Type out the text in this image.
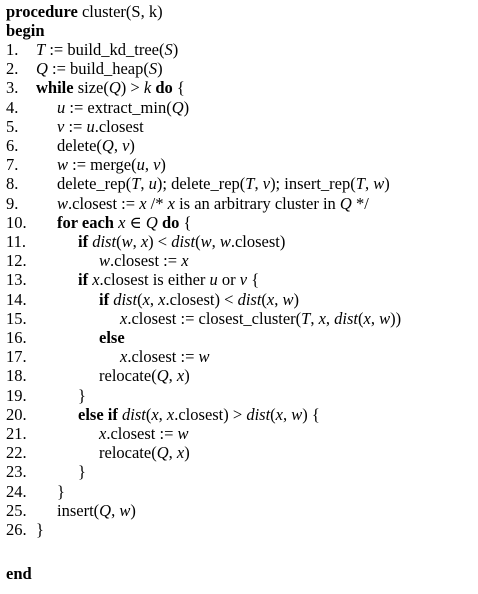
procedure cluster(S, k)
begin
1. T := build_kd_tree(S)
2. Q := build_heap(S)
3. while size(Q) > k do {
4. u := extract_min(Q)
5. v := u.closest
6. delete(Q, v)
7. w := merge(u, v)
8. delete_rep(T, u); delete_rep(T, v); insert_rep(T, w)
9. w.closest := x /* x is an arbitrary cluster in Q */
10. for each x ∈ Q do {
11.	if dist(w, x) < dist(w, w.closest)
12.	w.closest := x
13.	if x.closest is either u or v {
14.	if dist(x, x.closest) < dist(x, w)
15.	x.closest := closest_cluster(T, x, dist(x, w))
16.	else
17.	x.closest := w
18.	relocate(Q, x)
19.	}
20.	else if dist(x, x.closest) > dist(x, w) {
21.	x.closest := w
22.	relocate(Q, x)
23.	}
24. }
25. insert(Q, w)
26. }
end
